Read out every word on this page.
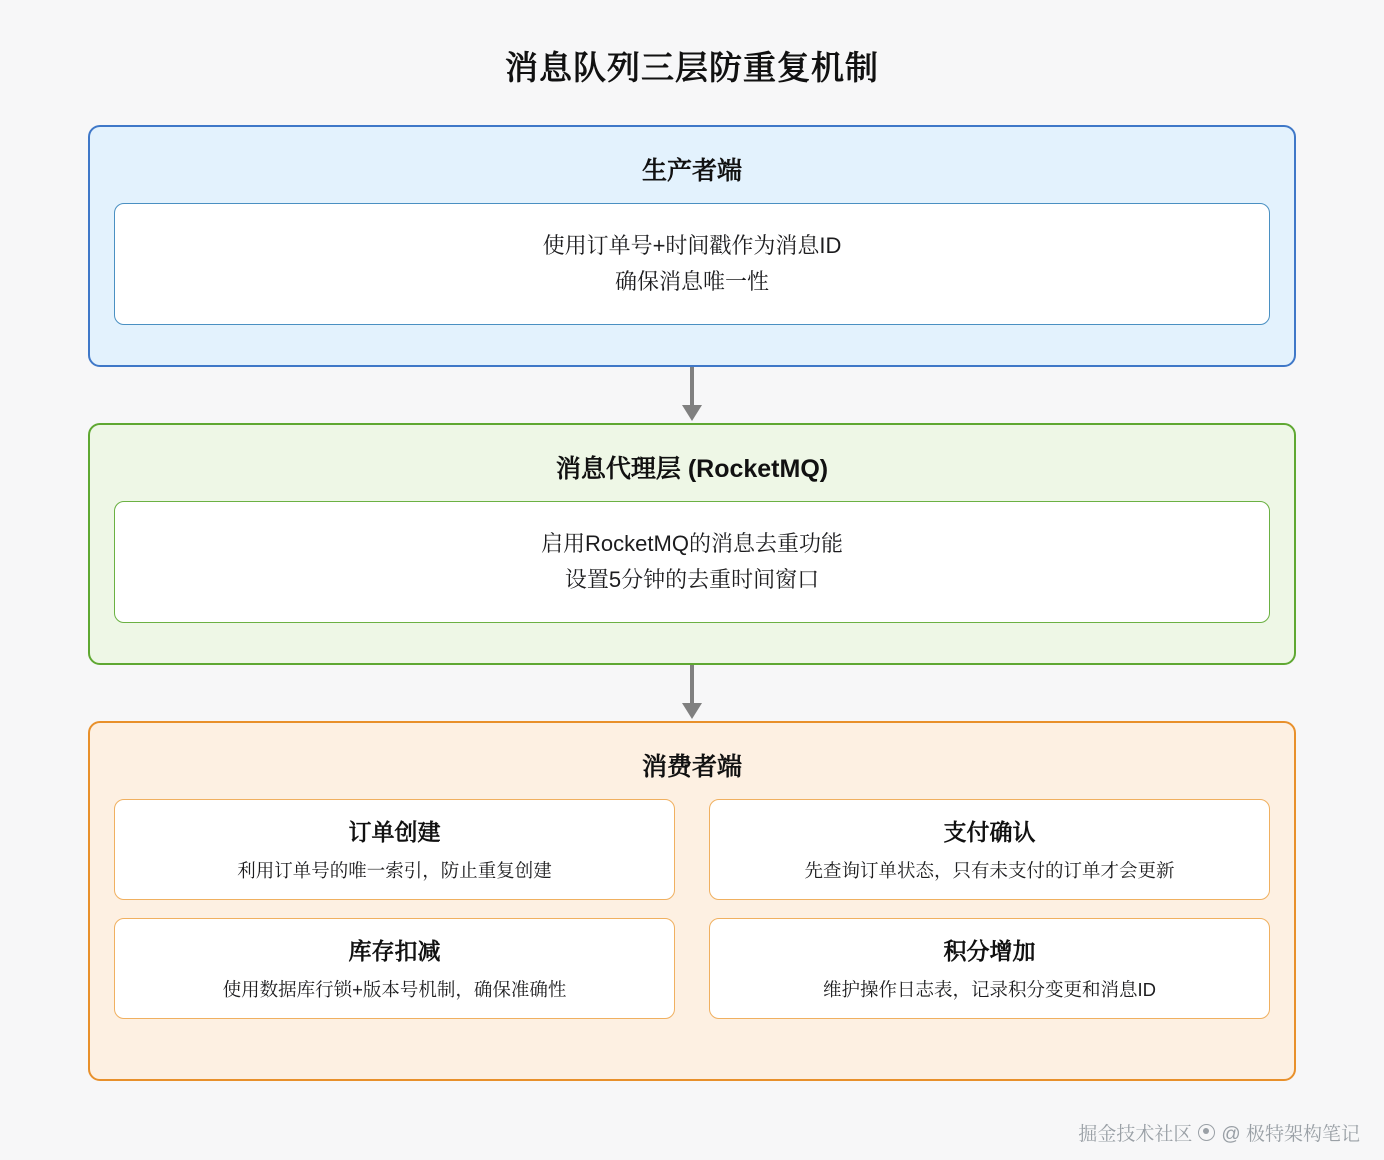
消息队列三层防重复机制
生产者端
使用订单号+时间戳作为消息ID
确保消息唯一性
消息代理层 (RocketMQ)
启用RocketMQ的消息去重功能
设置5分钟的去重时间窗口
消费者端
订单创建
利用订单号的唯一索引，防止重复创建
支付确认
先查询订单状态，只有未支付的订单才会更新
库存扣减
使用数据库行锁+版本号机制，确保准确性
积分增加
维护操作日志表，记录积分变更和消息ID
掘金技术社区 @ 极特架构笔记
